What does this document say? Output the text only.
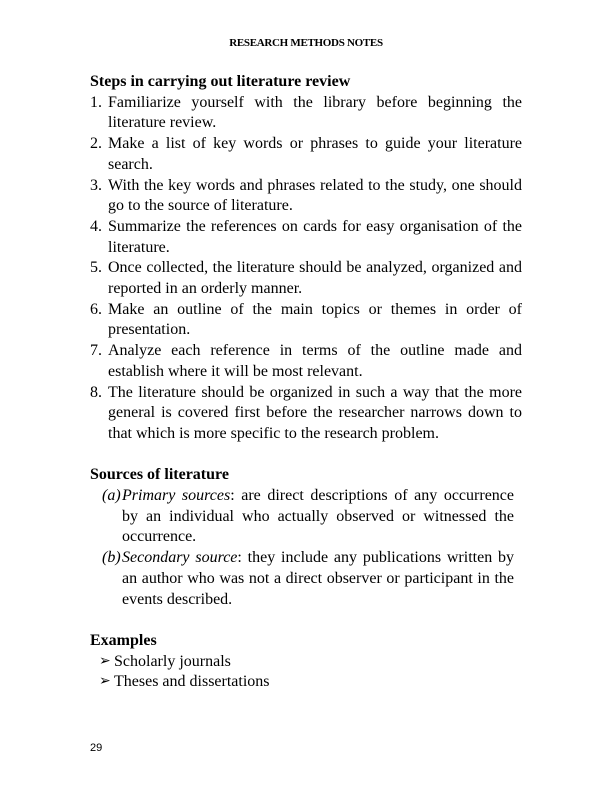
RESEARCH METHODS NOTES
Steps in carrying out literature review
1. Familiarize yourself with the library before beginning the literature review.
2. Make a list of key words or phrases to guide your literature search.
3. With the key words and phrases related to the study, one should go to the source of literature.
4. Summarize the references on cards for easy organisation of the literature.
5. Once collected, the literature should be analyzed, organized and reported in an orderly manner.
6. Make an outline of the main topics or themes in order of presentation.
7. Analyze each reference in terms of the outline made and establish where it will be most relevant.
8. The literature should be organized in such a way that the more general is covered first before the researcher narrows down to that which is more specific to the research problem.
Sources of literature
(a) Primary sources: are direct descriptions of any occurrence by an individual who actually observed or witnessed the occurrence.
(b) Secondary source: they include any publications written by an author who was not a direct observer or participant in the events described.
Examples
➢ Scholarly journals
➢ Theses and dissertations
29
